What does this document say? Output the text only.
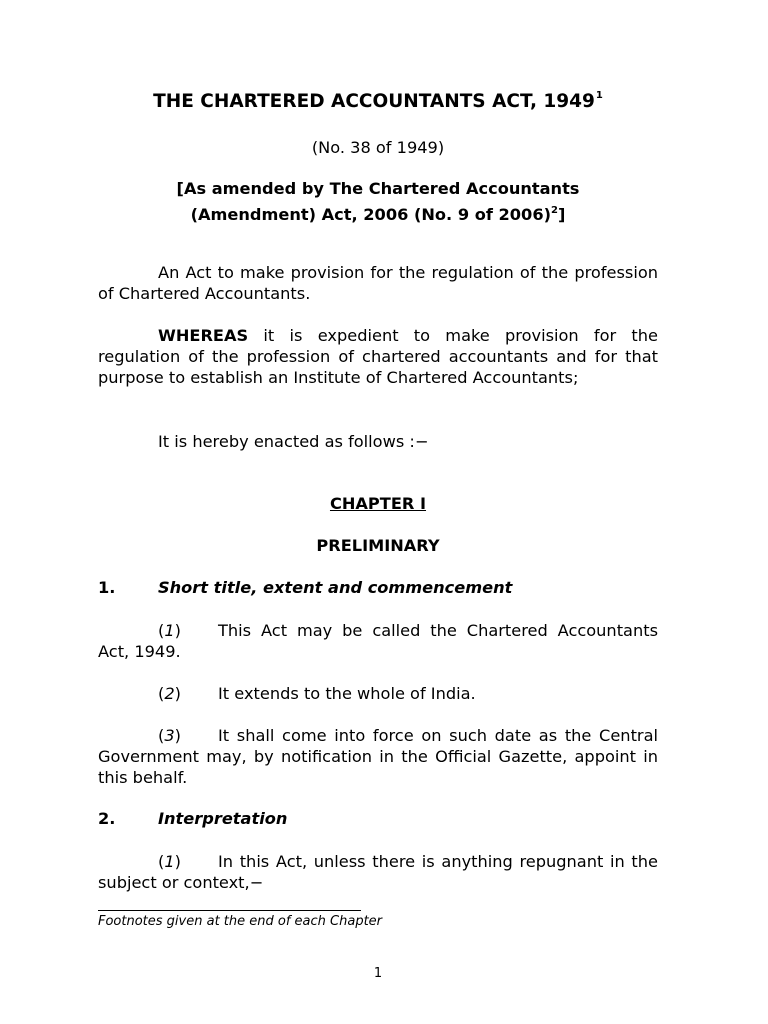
THE CHARTERED ACCOUNTANTS ACT, 1949$^1$

(No. 38 of 1949)

[As amended by The Chartered Accountants
(Amendment) Act, 2006 (No. 9 of 2006)$^2$]

An Act to make provision for the regulation of the profession of Chartered Accountants.

WHEREAS it is expedient to make provision for the regulation of the profession of chartered accountants and for that purpose to establish an Institute of Chartered Accountants;

It is hereby enacted as follows :−

CHAPTER I

PRELIMINARY

1.	Short title, extent and commencement

(1) This Act may be called the Chartered Accountants Act, 1949.

(2) It extends to the whole of India.

(3) It shall come into force on such date as the Central Government may, by notification in the Official Gazette, appoint in this behalf.

2.	Interpretation

(1) In this Act, unless there is anything repugnant in the subject or context,−

Footnotes given at the end of each Chapter

1
